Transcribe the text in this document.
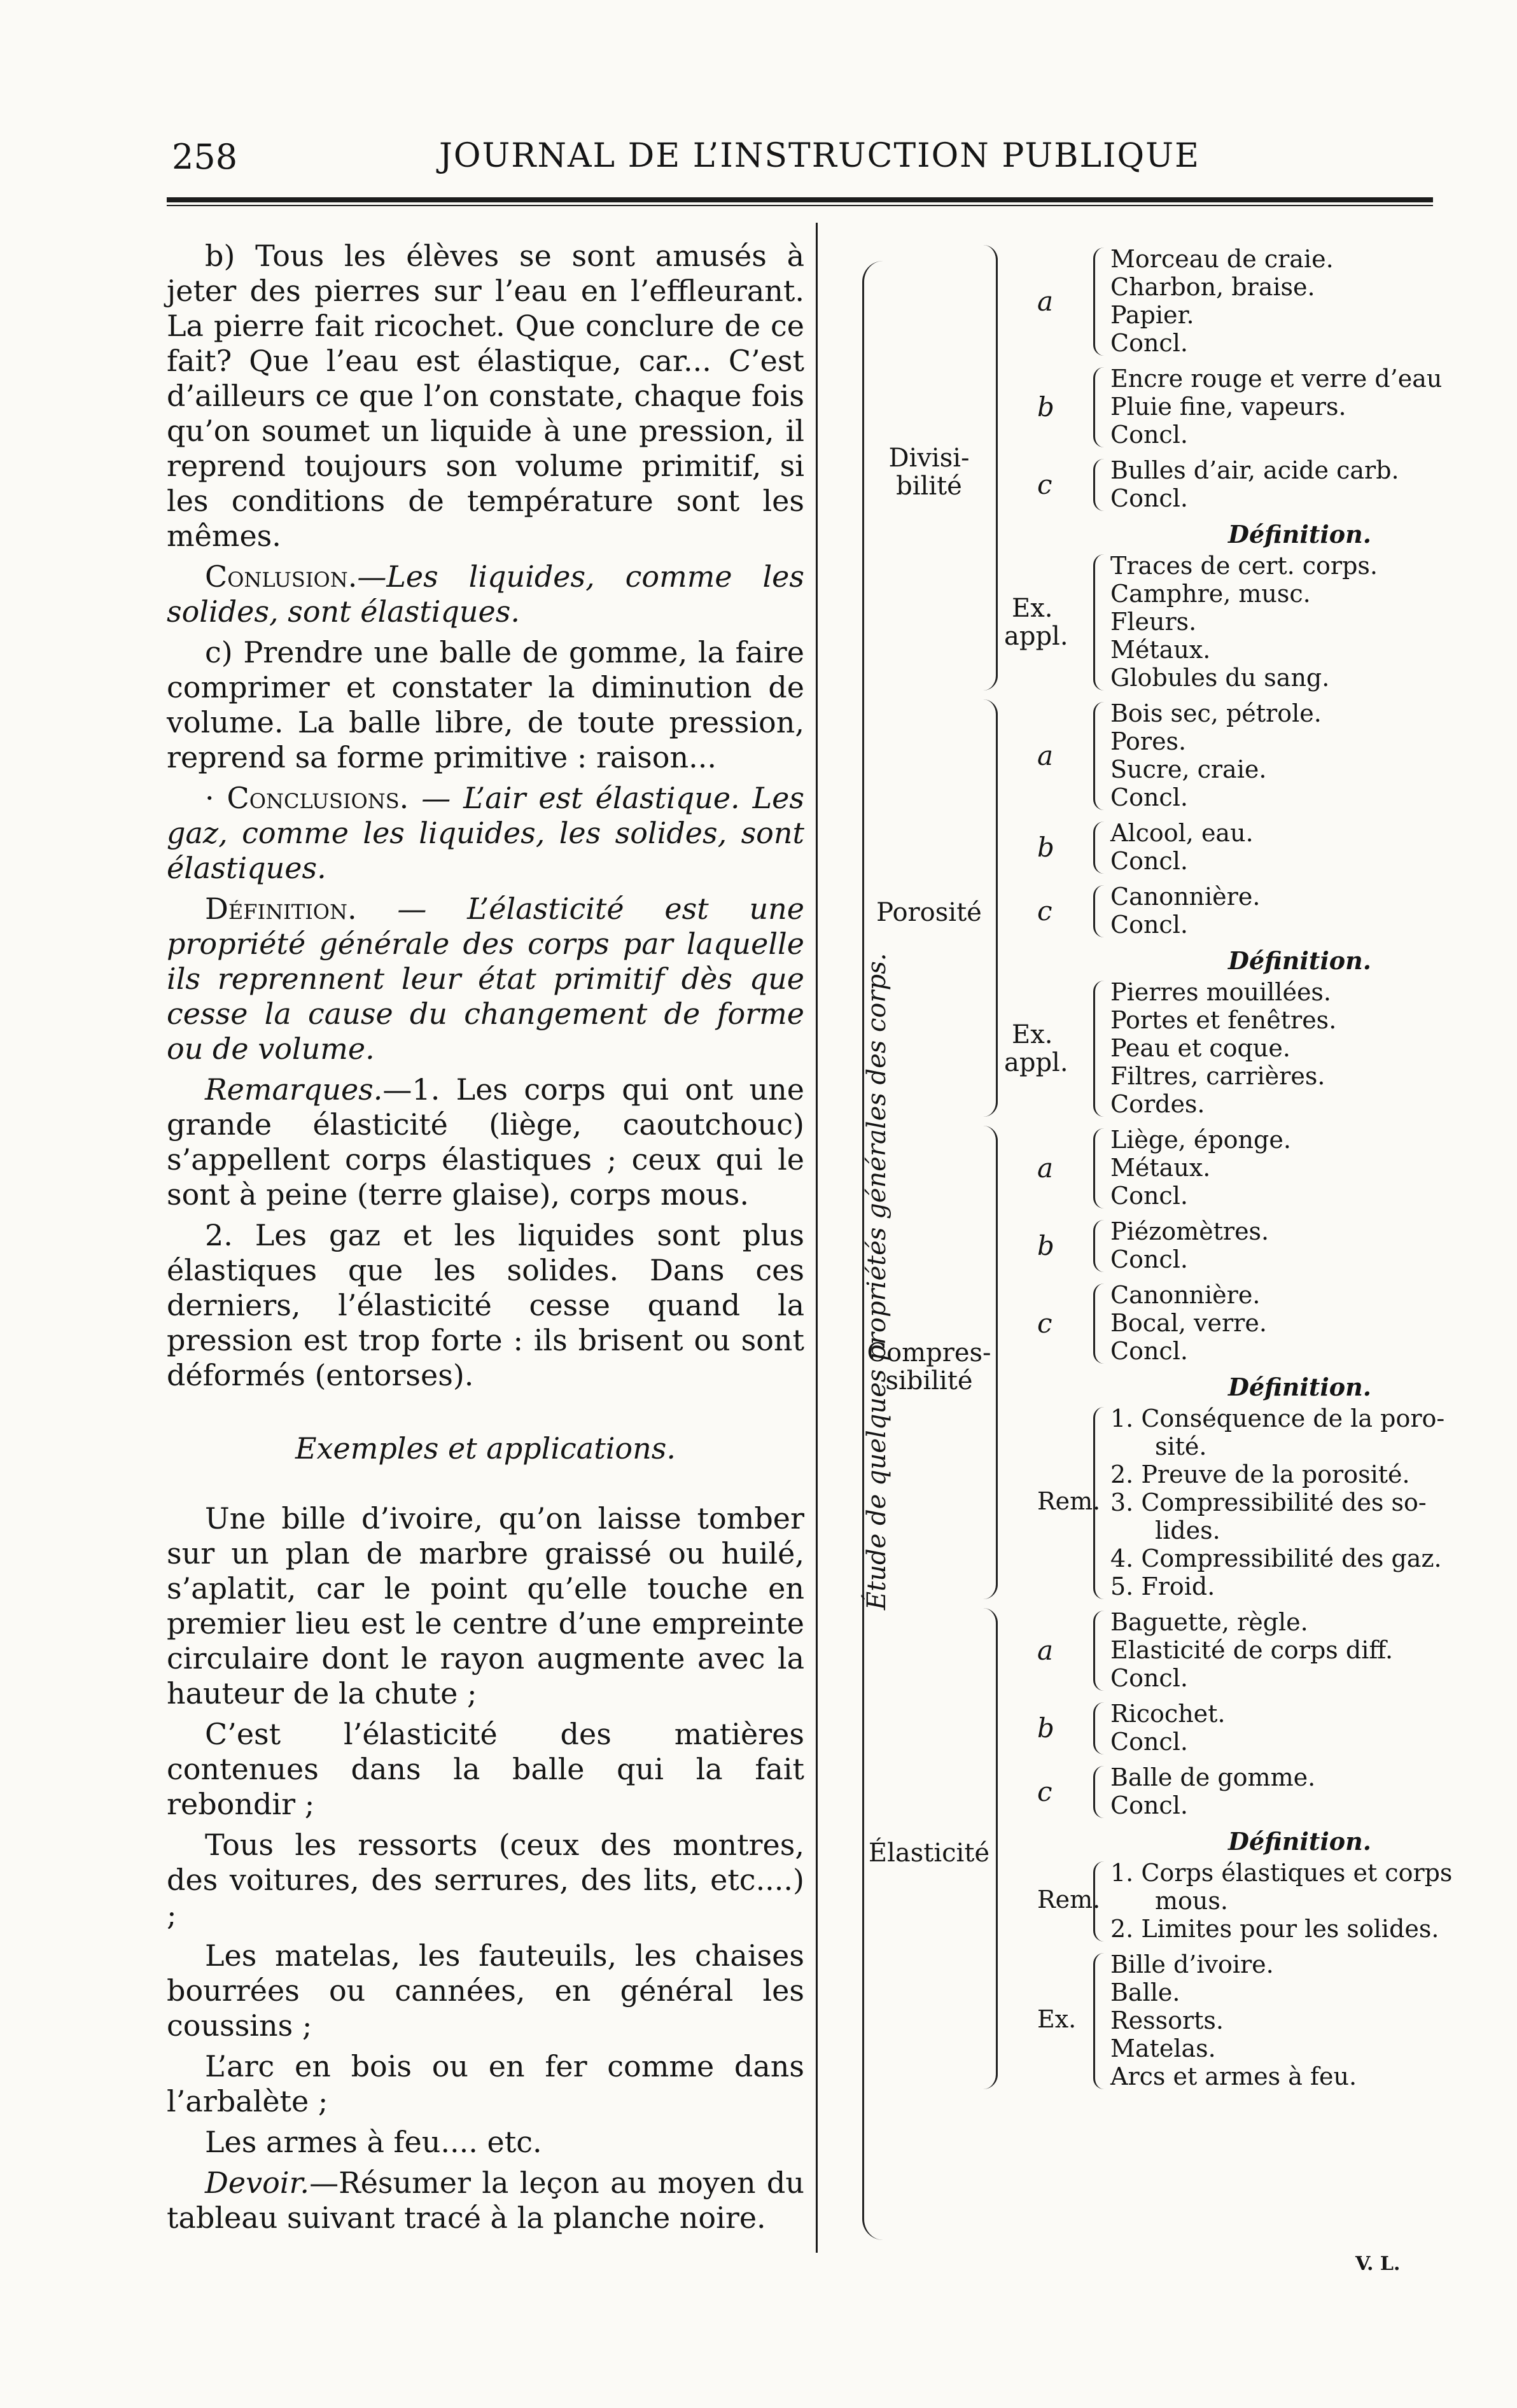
258	JOURNAL DE L’INSTRUCTION PUBLIQUE

b) Tous les élèves se sont amusés à jeter des pierres sur l’eau en l’effleurant. La pierre fait ricochet. Que conclure de ce fait? Que l’eau est élastique, car... C’est d’ailleurs ce que l’on constate, chaque fois qu’on soumet un liquide à une pression, il reprend toujours son volume primitif, si les conditions de température sont les mêmes.

Conlusion.—Les liquides, comme les solides, sont élastiques.

c) Prendre une balle de gomme, la faire comprimer et constater la diminution de volume. La balle libre, de toute pression, reprend sa forme primitive : raison...

· Conclusions. — L’air est élastique. Les gaz, comme les liquides, les solides, sont élastiques.

Définition. — L’élasticité est une propriété générale des corps par laquelle ils reprennent leur état primitif dès que cesse la cause du changement de forme ou de volume.

Remarques.—1. Les corps qui ont une grande élasticité (liège, caoutchouc) s’appellent corps élastiques ; ceux qui le sont à peine (terre glaise), corps mous.

2. Les gaz et les liquides sont plus élastiques que les solides. Dans ces derniers, l’élasticité cesse quand la pression est trop forte : ils brisent ou sont déformés (entorses).

Exemples et applications.

Une bille d’ivoire, qu’on laisse tomber sur un plan de marbre graissé ou huilé, s’aplatit, car le point qu’elle touche en premier lieu est le centre d’une empreinte circulaire dont le rayon augmente avec la hauteur de la chute ;

C’est l’élasticité des matières contenues dans la balle qui la fait rebondir ;

Tous les ressorts (ceux des montres, des voitures, des serrures, des lits, etc....) ;

Les matelas, les fauteuils, les chaises bourrées ou cannées, en général les coussins ;

L’arc en bois ou en fer comme dans l’arbalète ;

Les armes à feu.... etc.

Devoir.—Résumer la leçon au moyen du tableau suivant tracé à la planche noire.

Étude de quelques propriétés générales des corps.
a
Morceau de craie.
Charbon, braise.
Papier.
Concl.
b
Encre rouge et verre d’eau
Pluie fine, vapeurs.
Concl.
c Bulles d’air, acide carb.
Concl.
Définition.
Ex.
appl.
Traces de cert. corps.
Camphre, musc.
Fleurs.
Métaux.
Globules du sang.
Divisi-
bilité
a
Bois sec, pétrole.
Pores.
Sucre, craie.
Concl.
b Alcool, eau.
Concl.
c Canonnière.
Concl.
Définition.
Ex.
appl.
Pierres mouillées.
Portes et fenêtres.
Peau et coque.
Filtres, carrières.
Cordes.
Porosité
a
Liège, éponge.
Métaux.
Concl.
b Piézomètres.
Concl.
c
Canonnière.
Bocal, verre.
Concl.
Définition.
Rem.
1. Conséquence de la poro-
sité.
2. Preuve de la porosité.
3. Compressibilité des so-
lides.
4. Compressibilité des gaz.
5. Froid.
Compres-
sibilité
a
Baguette, règle.
Elasticité de corps diff.
Concl.
b Ricochet.
Concl.
c Balle de gomme.
Concl.
Définition.
Rem.
1. Corps élastiques et corps
mous.
2. Limites pour les solides.
Ex.
Bille d’ivoire.
Balle.
Ressorts.
Matelas.
Arcs et armes à feu.
Élasticité
V. L.
